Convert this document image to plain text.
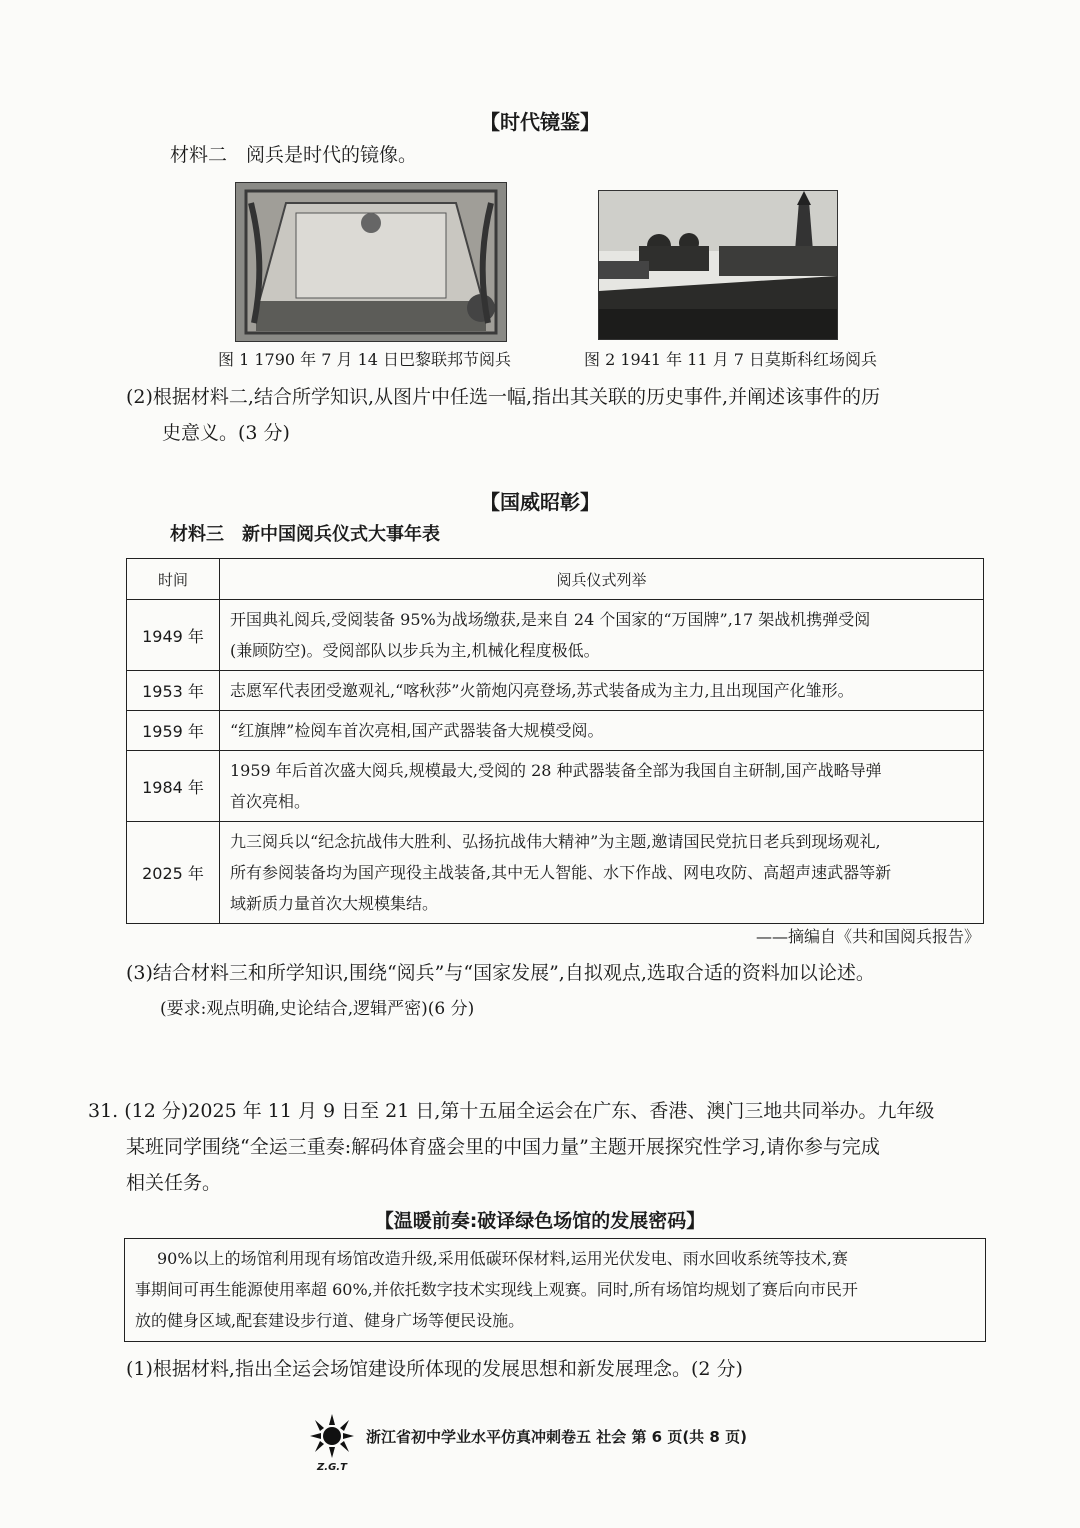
【时代镜鉴】
材料二　阅兵是时代的镜像。
图 1 1790 年 7 月 14 日巴黎联邦节阅兵	图 2 1941 年 11 月 7 日莫斯科红场阅兵
(2)根据材料二,结合所学知识,从图片中任选一幅,指出其关联的历史事件,并阐述该事件的历
史意义。(3 分)
【国威昭彰】
材料三　新中国阅兵仪式大事年表
时间	阅兵仪式列举
1949 年	开国典礼阅兵,受阅装备 95%为战场缴获,是来自 24 个国家的“万国牌”,17 架战机携弹受阅
(兼顾防空)。受阅部队以步兵为主,机械化程度极低。

1953 年	志愿军代表团受邀观礼,“喀秋莎”火箭炮闪亮登场,苏式装备成为主力,且出现国产化雏形。

1959 年	“红旗牌”检阅车首次亮相,国产武器装备大规模受阅。

1984 年	1959 年后首次盛大阅兵,规模最大,受阅的 28 种武器装备全部为我国自主研制,国产战略导弹
首次亮相。

2025 年	九三阅兵以“纪念抗战伟大胜利、弘扬抗战伟大精神”为主题,邀请国民党抗日老兵到现场观礼,
所有参阅装备均为国产现役主战装备,其中无人智能、水下作战、网电攻防、高超声速武器等新
域新质力量首次大规模集结。
——摘编自《共和国阅兵报告》
(3)结合材料三和所学知识,围绕“阅兵”与“国家发展”,自拟观点,选取合适的资料加以论述。
(要求:观点明确,史论结合,逻辑严密)(6 分)
31. (12 分)2025 年 11 月 9 日至 21 日,第十五届全运会在广东、香港、澳门三地共同举办。九年级
某班同学围绕“全运三重奏:解码体育盛会里的中国力量”主题开展探究性学习,请你参与完成
相关任务。
【温暖前奏:破译绿色场馆的发展密码】
90%以上的场馆利用现有场馆改造升级,采用低碳环保材料,运用光伏发电、雨水回收系统等技术,赛
事期间可再生能源使用率超 60%,并依托数字技术实现线上观赛。同时,所有场馆均规划了赛后向市民开
放的健身区域,配套建设步行道、健身广场等便民设施。
(1)根据材料,指出全运会场馆建设所体现的发展思想和新发展理念。(2 分)
Z.G.T
浙江省初中学业水平仿真冲刺卷五 社会 第 6 页(共 8 页)
